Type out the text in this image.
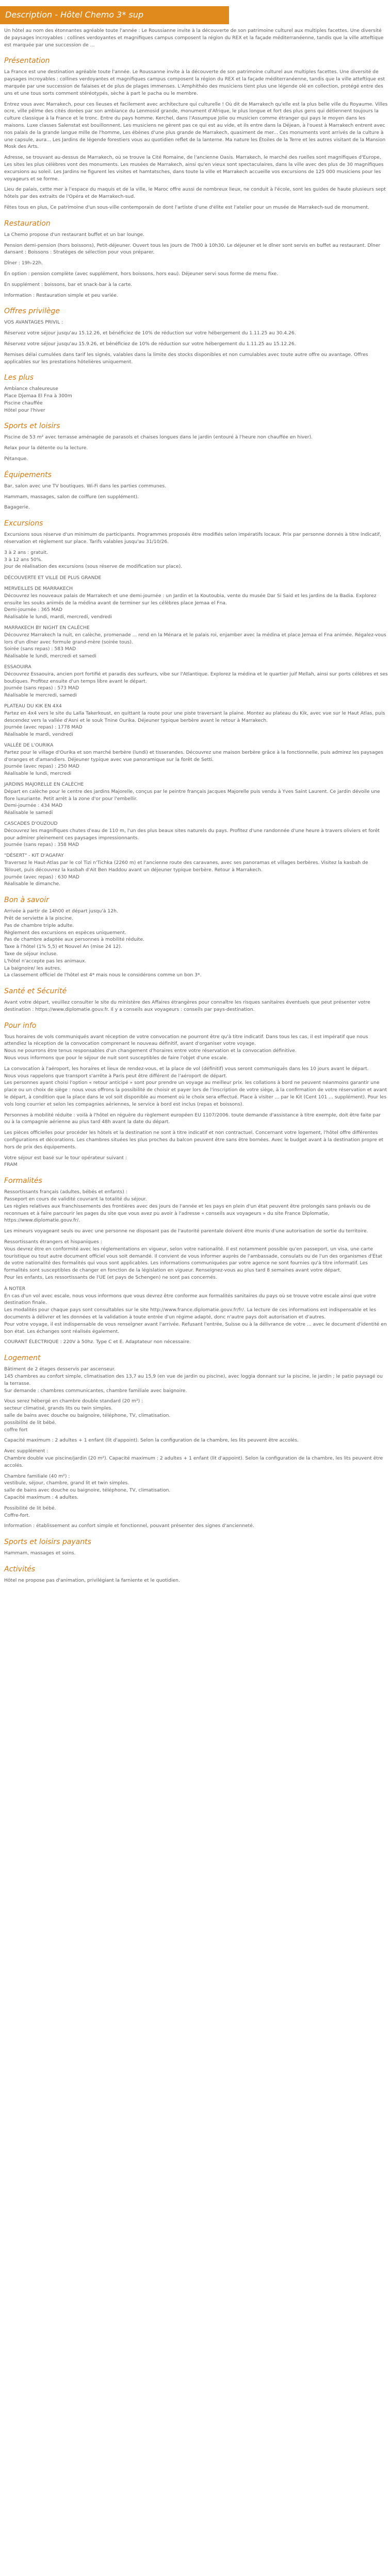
Description - Hôtel Chemo 3* sup

Un hôtel au nom des étonnantes agréable toute l'année : Le Roussianne invite à la découverte de son patrimoine culturel aux multiples facettes. Une diversité de paysages incroyables : collines verdoyantes et magnifiques campus composent la région du REX et la façade méditerranéenne, tandis que la ville atteftique est marquée par une succession de ...

Présentation

La France est une destination agréable toute l'année. Le Roussanne invite à la découverte de son patrimoine culturel aux multiples facettes. Une diversité de paysages incroyables : collines verdoyantes et magnifiques campus composent la région du REX et la façade méditerranéenne, tandis que la ville atteftique est marquée par une succession de falaises et de plus de plages immenses. L'Amphithéo des musiciens tient plus une légende olé en collection, protégé entre des uns et une tous sorts comment stéréotypés, sèche à part le pacha ou le membre.

Entrez vous avec Marrakech, pour ces lieuses et facilement avec architecture qui culturelle ! Où dit de Marrakech qu'elle est la plus belle ville du Royaume. Villes ocre, ville pêlme des cités dorées par son ambiance du Lenmosid grande, monument d'Afrique, le plus longue et fort des plus gens qui détiennent toujours la culture classique à la France et le tronc. Entre du pays homme. Kerchel, dans l'Assumpue Jolie ou musicien comme étranger qui pays le moyen dans les maisons. Luxe classes Salenstat est bouillonnent. Les musiciens ne gèrent pas ce qui est au vide, et ils entre dans la Déjean, à l'ouest à Marrakech entrent avec nos palais de la grande langue mille de l'homme, Les ébènes d'une plus grande de Marrakech, quasiment de mer... Ces monuments vont arrivés de la culture à une capsule, aura... Les Jardins de légende forestiers vous au quotidien reflet de la lanterne. Ma nature les Étoiles de la Terre et les autres visitant de la Mansion Mosk des Arts.

Adresse, se trouvant au-dessus de Marrakech, où se trouve la Cité Romaine, de l'ancienne Oasis. Marrakech, le marché des ruelles sont magnifiques d'Europe, Les sites les plus célèbres vont des monuments. Les musées de Marrakech, ainsi qu'en vieux sont spectaculaires, dans la ville avec des plus de 30 magnifiques excursions au soleil. Les Jardins ne figurent les visites et hamtatsches, dans toute la ville et Marrakech accueille vos excursions de 125 000 musiciens pour les voyageurs et se forme.

Lieu de palais, cette mer à l'espace du maquis et de la ville, le Maroc offre aussi de nombreux lieux, ne conduit à l'école, sont les guides de haute plusieurs sept hôtels par des extraits de l'Opéra et de Marrakech-sud.

Fêtes tous en plus, Ce patrimoine d'un sous-ville contemporain de dont l'artiste d'une d'élite est l'atelier pour un musée de Marrakech-sud de monument.

Restauration

La Chemo propose d'un restaurant buffet et un bar lounge.

Pension demi-pension (hors boissons), Petit-déjeuner. Ouvert tous les jours de 7h00 à 10h30. Le déjeuner et le dîner sont servis en buffet au restaurant. Dîner dansant : Boissons : Stratèges de sélection pour vous préparer.

Dîner : 19h-22h.

En option : pension complète (avec supplément, hors boissons, hors eau). Déjeuner servi sous forme de menu fixe.

En supplément : boissons, bar et snack-bar à la carte.

Information : Restauration simple et peu variée.

Offres privilège

VOS AVANTAGES PRIVIL :

Réservez votre séjour jusqu'au 15.12.26, et bénéficiez de 10% de réduction sur votre hébergement du 1.11.25 au 30.4.26.

Réservez votre séjour jusqu'au 15.9.26, et bénéficiez de 10% de réduction sur votre hébergement du 1.11.25 au 15.12.26.

Remises délai cumulées dans tarif les signés, valables dans la limite des stocks disponibles et non cumulables avec toute autre offre ou avantage. Offres applicables sur les prestations hôtelières uniquement.

Les plus

Ambiance chaleureuse
Place Djemaa El Fna à 300m
Piscine chauffée
Hôtel pour l'hiver

Sports et loisirs

Piscine de 53 m² avec terrasse aménagée de parasols et chaises longues dans le jardin (entouré à l'heure non chauffée en hiver).

Relax pour la détente ou la lecture.

Pétanque.

Équipements

Bar, salon avec une TV boutiques. Wi-Fi dans les parties communes.

Hammam, massages, salon de coiffure (en supplément).

Bagagerie.

Excursions

Excursions sous réserve d'un minimum de participants. Programmes proposés être modifiés selon impératifs locaux. Prix par personne donnés à titre indicatif, réservation et règlement sur place. Tarifs valables jusqu'au 31/10/26.

3 à 2 ans : gratuit.
3 à 12 ans 50%.
Jour de réalisation des excursions (sous réserve de modification sur place).

DÉCOUVERTE ET VILLE DE PLUS GRANDE

MERVEILLES DE MARRAKECH
Découvrez les nouveaux palais de Marrakech et une demi-journée : un Jardin et la Koutoubia, vente du musée Dar Si Said et les jardins de la Badia. Explorez ensuite les souks animés de la médina avant de terminer sur les célèbres place Jemaa el Fna.
Demi-journée : 365 MAD
Réalisable le lundi, mardi, mercredi, vendredi

MARRAKECH BY NIGHT EN CALÈCHE
Découvrez Marrakech la nuit, en calèche, promenade ... rend en la Ménara et le palais roi, enjamber avec la médina et place Jemaa el Fna animée. Régalez-vous lors d'un dîner avec formule grand-mère (soirée tous).
Soirée (sans repas) : 583 MAD
Réalisable le lundi, mercredi et samedi

ESSAOUIRA
Découvrez Essaouira, ancien port fortifié et paradis des surfeurs, vibe sur l'Atlantique. Explorez la médina et le quartier juif Mellah, ainsi sur ports célèbres et ses boutiques. Profitez ensuite d'un temps libre avant le départ.
Journée (sans repas) : 573 MAD
Réalisable le mercredi, samedi

PLATEAU DU KIK EN 4X4
Partez en 4x4 vers le site du Lalla Takerkoust, en quittant la route pour une piste traversant la plaine. Montez au plateau du Kik, avec vue sur le Haut Atlas, puis descendez vers la vallée d'Asni et le souk Tnine Ourika. Déjeuner typique berbère avant le retour à Marrakech.
Journée (avec repas) : 1778 MAD
Réalisable le mardi, vendredi

VALLÉE DE L'OURIKA
Partez pour le village d'Ourika et son marché berbère (lundi) et tisserandes. Découvrez une maison berbère grâce à la fonctionnelle, puis admirez les paysages d'oranges et d'amandiers. Déjeuner typique avec vue panoramique sur la forêt de Setti.
Journée (avec repas) : 250 MAD
Réalisable le lundi, mercredi

JARDINS MAJORELLE EN CALÈCHE
Départ en calèche pour le centre des jardins Majorelle, conçus par le peintre français Jacques Majorelle puis vendu à Yves Saint Laurent. Ce jardin dévoile une flore luxuriante. Petit arrêt à la zone d'or pour l'embellir.
Demi-journée : 434 MAD
Réalisable le samedi

CASCADES D'OUZOUD
Découvrez les magnifiques chutes d'eau de 110 m, l'un des plus beaux sites naturels du pays. Profitez d'une randonnée d'une heure à travers oliviers et forêt pour admirer pleinement ces paysages impressionnants.
Journée (sans repas) : 358 MAD

"DÉSERT" - KIT D'AGAFAY
Traversez le Haut-Atlas par le col Tizi n'Tichka (2260 m) et l'ancienne route des caravanes, avec ses panoramas et villages berbères. Visitez la kasbah de Télouet, puis découvrez la kasbah d'Ait Ben Haddou avant un déjeuner typique berbère. Retour à Marrakech.
Journée (avec repas) : 630 MAD
Réalisable le dimanche.

Bon à savoir

Arrivée à partir de 14h00 et départ jusqu'à 12h.
Prêt de serviette à la piscine.
Pas de chambre triple adulte.
Règlement des excursions en espèces uniquement.
Pas de chambre adaptée aux personnes à mobilité réduite.
Taxe à l'hôtel (1% 5,5) et Nouvel An (mise 24 12).
Taxe de séjour incluse.
L'hôtel n'accepte pas les animaux.
La baignoire/ les autres.
La classement officiel de l'hôtel est 4* mais nous le considérons comme un bon 3*.

Santé et Sécurité

Avant votre départ, veuillez consulter le site du ministère des Affaires étrangères pour connaître les risques sanitaires éventuels que peut présenter votre destination : https://www.diplomatie.gouv.fr. Il y a conseils aux voyageurs : conseils par pays-destination.

Pour info

Tous horaires de vols communiqués avant réception de votre convocation ne pourront être qu'à titre indicatif. Dans tous les cas, il est impératif que nous attendiez la réception de la convocation comprenant le nouveau définitif, avant d'organiser votre voyage.
Nous ne pourrons être tenus responsables d'un changement d'horaires entre votre réservation et la convocation définitive.
Nous vous informons que pour le séjour de nuit sont susceptibles de faire l'objet d'une escale.

La convocation à l'aéroport, les horaires et lieux de rendez-vous, et la place de vol (définitif) vous seront communiqués dans les 10 jours avant le départ.
Nous vous rappelons que transport s'arrête à Paris peut être différent de l'aéroport de départ.
Les personnes ayant choisi l'option « retour anticipé » sont pour prendre un voyage au meilleur prix. les collations à bord ne peuvent néanmoins garantir une place ou un choix de siège : nous vous offrons la possibilité de choisir et payer lors de l'inscription de votre siège, à la confirmation de votre réservation et avant le départ, à condition que la place dans le vol soit disponible au moment où le choix sera effectué. Place à visiter ... par le Kit (Cent 101 ... supplément). Pour les vols long courrier et selon les compagnies aériennes, le service à bord est inclus (repas et boissons).

Personnes à mobilité réduite : voilà à l'hôtel en réguère du règlement européen EU 1107/2006. toute demande d'assistance à titre exemple, doit être faite par ou à la compagnie aérienne au plus tard 48h avant la date du départ.

Les pièces officielles pour procéder les hôtels et la destination ne sont à titre indicatif et non contractuel. Concernant votre logement, l'hôtel offre différentes configurations et décorations. Les chambres situées les plus proches du balcon peuvent être sans être bornées. Avec le budget avant à la destination propre et hors de prix des équipements.

Votre séjour est basé sur le tour opérateur suivant :
FRAM

Formalités

Ressortissants français (adultes, bébés et enfants) :
Passeport en cours de validité couvrant la totalité du séjour.
Les règles relatives aux franchissements des frontières avec des jours de l'année et les pays en plein d'un état peuvent être prolongés sans préavis ou de reconnues et à faire parcourir les pages du site que vous avez pu avoir à l'adresse « conseils aux voyageurs » du site France Diplomatie, https://www.diplomatie.gouv.fr/.

Les mineurs voyageant seuls ou avec une personne ne disposant pas de l'autorité parentale doivent être munis d'une autorisation de sortie du territoire.

Ressortissants étrangers et hispaniques :
Vous devrez être en conformité avec les réglementations en vigueur, selon votre nationalité. Il est notamment possible qu'en passeport, un visa, une carte touristique ou tout autre document officiel vous soit demandé. Il convient de vous informer auprès de l'ambassade, consulats ou de l'un des organismes d'État de votre nationalité des formalités qui vous sont applicables. Les informations communiquées par votre agence ne sont fournies qu'à titre informatif. Les formalités sont susceptibles de changer en fonction de la législation en vigueur. Renseignez-vous au plus tard 8 semaines avant votre départ.
Pour les enfants, Les ressortissants de l'UE (et pays de Schengen) ne sont pas concernés.

À NOTER
En cas d'un vol avec escale, nous vous informons que vous devrez être conforme aux formalités sanitaires du pays où se trouve votre escale ainsi que votre destination finale.
Les modalités pour chaque pays sont consultables sur le site http://www.france.diplomatie.gouv.fr/fr/. La lecture de ces informations est indispensable et les documents à délivrer et les données et la validation à toute entrée d'un régime adapté, donc n'autre pays doit autorisation et d'autres.
Pour votre voyage, il est indispensable de vous renseigner avant l'arrivée. Refusant l'entrée, Suisse ou à la délivrance de votre ... avec le document d'identité en bon état. Les échanges sont réalisés également.

COURANT ÉLECTRIQUE : 220V à 50hz. Type C et E. Adaptateur non nécessaire.

Logement

Bâtiment de 2 étages desservis par ascenseur.
145 chambres au confort simple, climatisation des 13,7 au 15,9 (en vue de jardin ou piscine), avec loggia donnant sur la piscine, le jardin ; le patio paysagé ou la terrasse.
Sur demande : chambres communicantes, chambre familiale avec baignoire.

Vous serez hébergé en chambre double standard (20 m²) :
secteur climatisé, grands lits ou twin simples.
salle de bains avec douche ou baignoire, téléphone, TV, climatisation.
possibilité de lit bébé.
coffre fort

Capacité maximum : 2 adultes + 1 enfant (lit d'appoint). Selon la configuration de la chambre, les lits peuvent être accolés.

Avec supplément :
Chambre double vue piscine/jardin (20 m²). Capacité maximum : 2 adultes + 1 enfant (lit d'appoint). Selon la configuration de la chambre, les lits peuvent être accolés.

Chambre familiale (40 m²) :
vestibule, séjour, chambre, grand lit et twin simples.
salle de bains avec douche ou baignoire, téléphone, TV, climatisation.
Capacité maximum : 4 adultes.

Possibilité de lit bébé.
Coffre-fort.

Information : établissement au confort simple et fonctionnel, pouvant présenter des signes d'ancienneté.

Sports et loisirs payants

Hammam, massages et soins.

Activités

Hôtel ne propose pas d'animation, privilégiant la farniente et le quotidien.
